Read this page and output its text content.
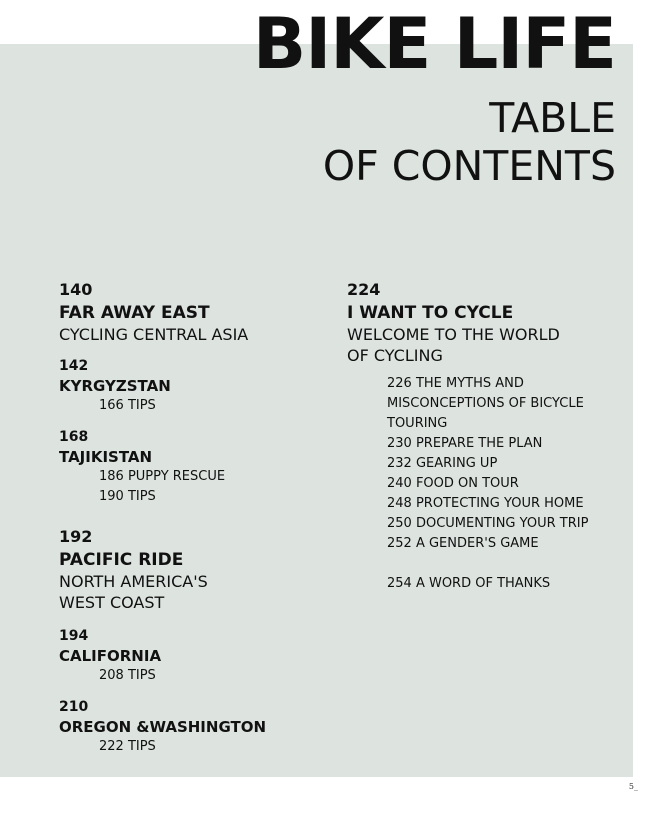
BIKE LIFE
TABLE
OF CONTENTS
140
FAR AWAY EAST
CYCLING CENTRAL ASIA
142
KYRGYZSTAN
166 TIPS
168
TAJIKISTAN
186 PUPPY RESCUE
190 TIPS
192
PACIFIC RIDE
NORTH AMERICA'S
WEST COAST
194
CALIFORNIA
208 TIPS
210
OREGON &WASHINGTON
222 TIPS
224
I WANT TO CYCLE
WELCOME TO THE WORLD
OF CYCLING
226 THE MYTHS AND
MISCONCEPTIONS OF BICYCLE
TOURING
230 PREPARE THE PLAN
232 GEARING UP
240 FOOD ON TOUR
248 PROTECTING YOUR HOME
250 DOCUMENTING YOUR TRIP
252 A GENDER'S GAME
254 A WORD OF THANKS
5_
